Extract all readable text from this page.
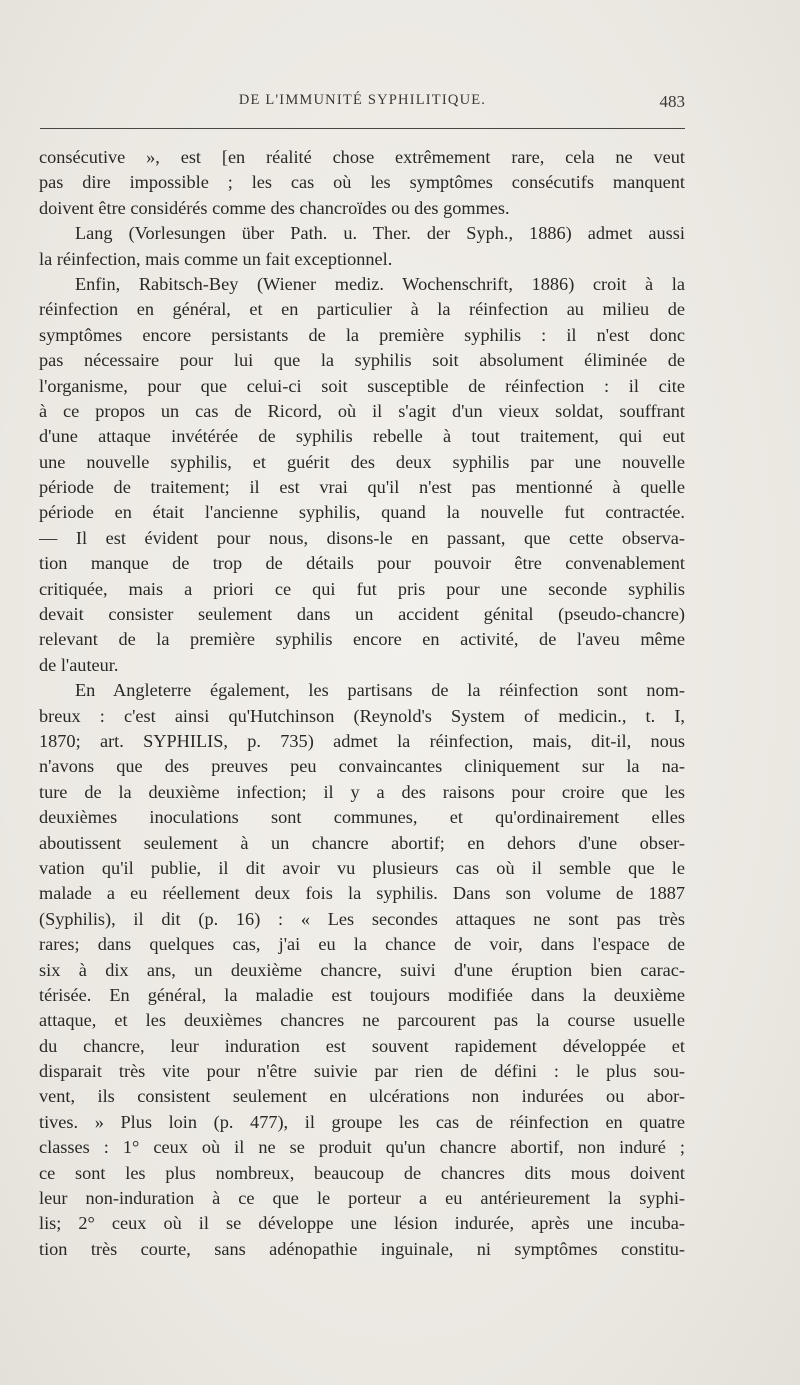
DE L'IMMUNITÉ SYPHILITIQUE.	483
consécutive », est [en réalité chose extrêmement rare, cela ne veut
pas dire impossible ; les cas où les symptômes consécutifs manquent
doivent être considérés comme des chancroïdes ou des gommes.
Lang (Vorlesungen über Path. u. Ther. der Syph., 1886) admet aussi
la réinfection, mais comme un fait exceptionnel.
Enfin, Rabitsch-Bey (Wiener mediz. Wochenschrift, 1886) croit à la
réinfection en général, et en particulier à la réinfection au milieu de
symptômes encore persistants de la première syphilis : il n'est donc
pas nécessaire pour lui que la syphilis soit absolument éliminée de
l'organisme, pour que celui-ci soit susceptible de réinfection : il cite
à ce propos un cas de Ricord, où il s'agit d'un vieux soldat, souffrant
d'une attaque invétérée de syphilis rebelle à tout traitement, qui eut
une nouvelle syphilis, et guérit des deux syphilis par une nouvelle
période de traitement; il est vrai qu'il n'est pas mentionné à quelle
période en était l'ancienne syphilis, quand la nouvelle fut contractée.
— Il est évident pour nous, disons-le en passant, que cette observa-
tion manque de trop de détails pour pouvoir être convenablement
critiquée, mais a priori ce qui fut pris pour une seconde syphilis
devait consister seulement dans un accident génital (pseudo-chancre)
relevant de la première syphilis encore en activité, de l'aveu même
de l'auteur.
En Angleterre également, les partisans de la réinfection sont nom-
breux : c'est ainsi qu'Hutchinson (Reynold's System of medicin., t. I,
1870; art. SYPHILIS, p. 735) admet la réinfection, mais, dit-il, nous
n'avons que des preuves peu convaincantes cliniquement sur la na-
ture de la deuxième infection; il y a des raisons pour croire que les
deuxièmes inoculations sont communes, et qu'ordinairement elles
aboutissent seulement à un chancre abortif; en dehors d'une obser-
vation qu'il publie, il dit avoir vu plusieurs cas où il semble que le
malade a eu réellement deux fois la syphilis. Dans son volume de 1887
(Syphilis), il dit (p. 16) : « Les secondes attaques ne sont pas très
rares; dans quelques cas, j'ai eu la chance de voir, dans l'espace de
six à dix ans, un deuxième chancre, suivi d'une éruption bien carac-
térisée. En général, la maladie est toujours modifiée dans la deuxième
attaque, et les deuxièmes chancres ne parcourent pas la course usuelle
du chancre, leur induration est souvent rapidement développée et
disparait très vite pour n'être suivie par rien de défini : le plus sou-
vent, ils consistent seulement en ulcérations non indurées ou abor-
tives. » Plus loin (p. 477), il groupe les cas de réinfection en quatre
classes : 1° ceux où il ne se produit qu'un chancre abortif, non induré ;
ce sont les plus nombreux, beaucoup de chancres dits mous doivent
leur non-induration à ce que le porteur a eu antérieurement la syphi-
lis; 2° ceux où il se développe une lésion indurée, après une incuba-
tion très courte, sans adénopathie inguinale, ni symptômes constitu-
